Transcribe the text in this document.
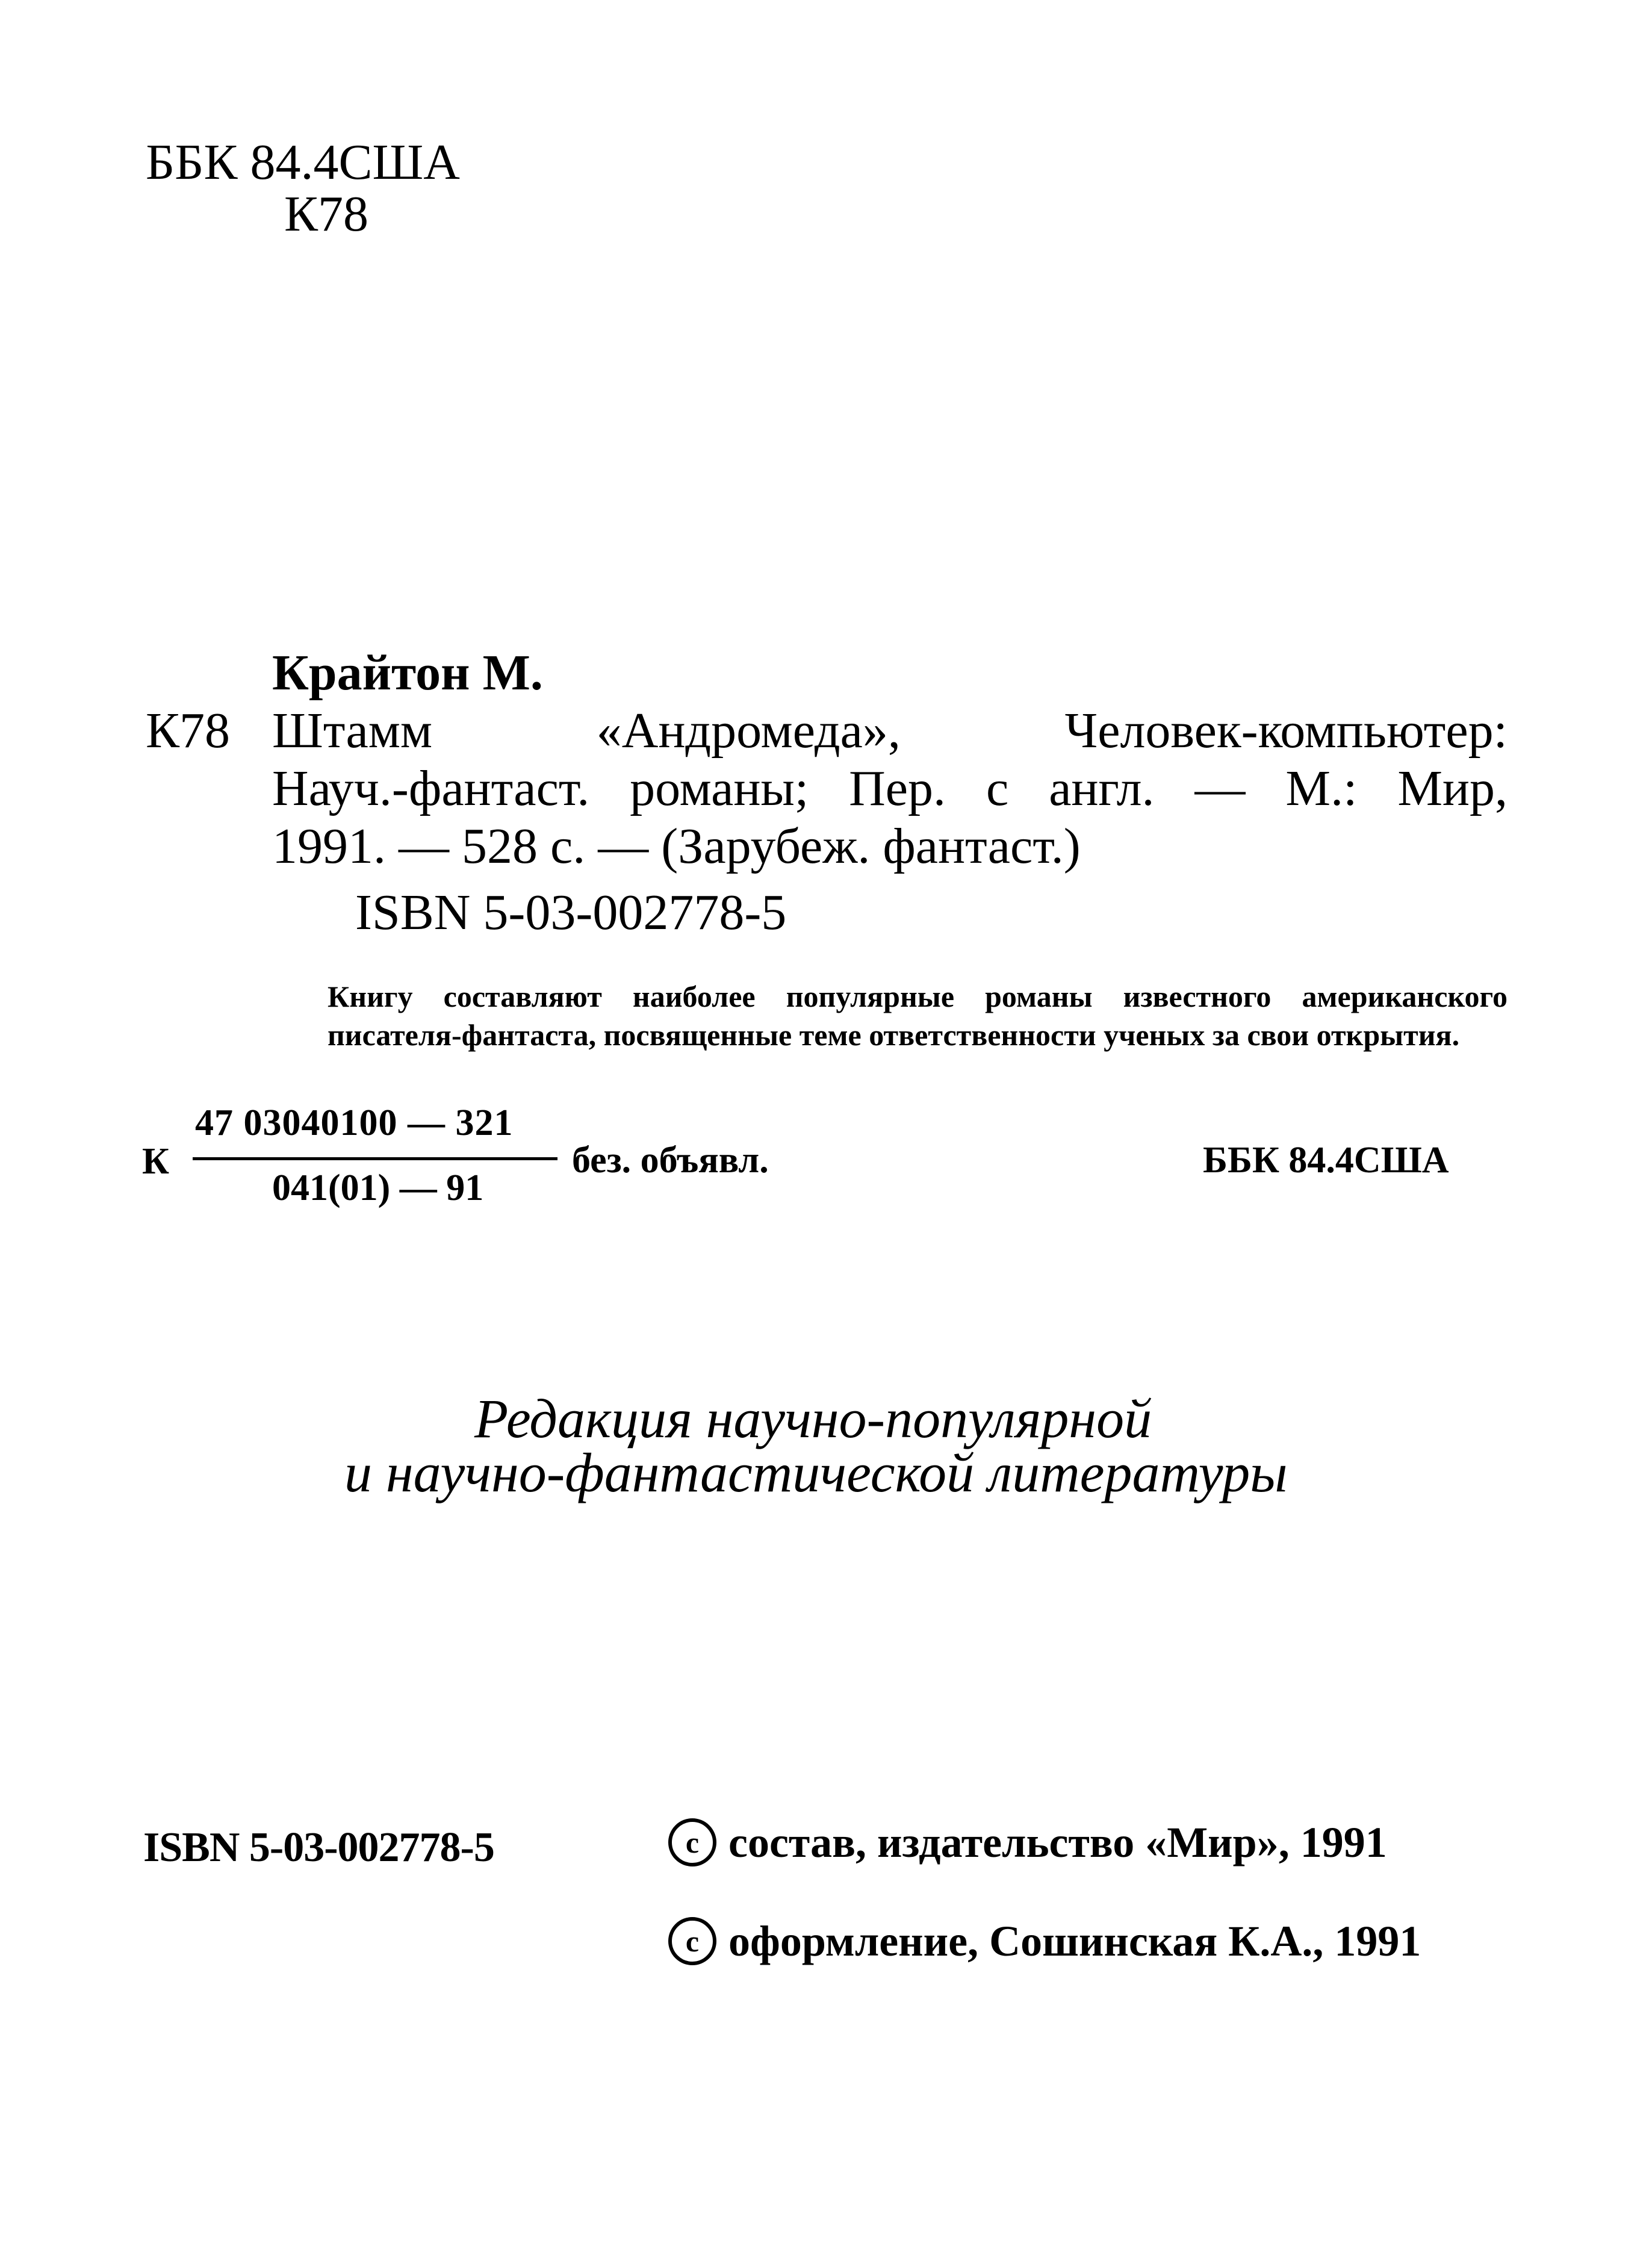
ББК 84.4США
К78
Крайтон М.
К78 Штамм «Андромеда», Человек-компьютер:
Науч.-фантаст. романы; Пер. с англ. — М.: Мир,
1991. — 528 с. — (Зарубеж. фантаст.)
ISBN 5-03-002778-5
Книгу составляют наиболее популярные романы известного американского
писателя-фантаста, посвященные теме ответственности ученых за свои открытия.
К
47 03040100 — 321
041(01) — 91
без. объявл.	ББК 84.4США
Редакция научно-популярной
и научно-фантастической литературы
ISBN 5-03-002778-5	c состав, издательство «Мир», 1991
c оформление, Сошинская К.А., 1991
